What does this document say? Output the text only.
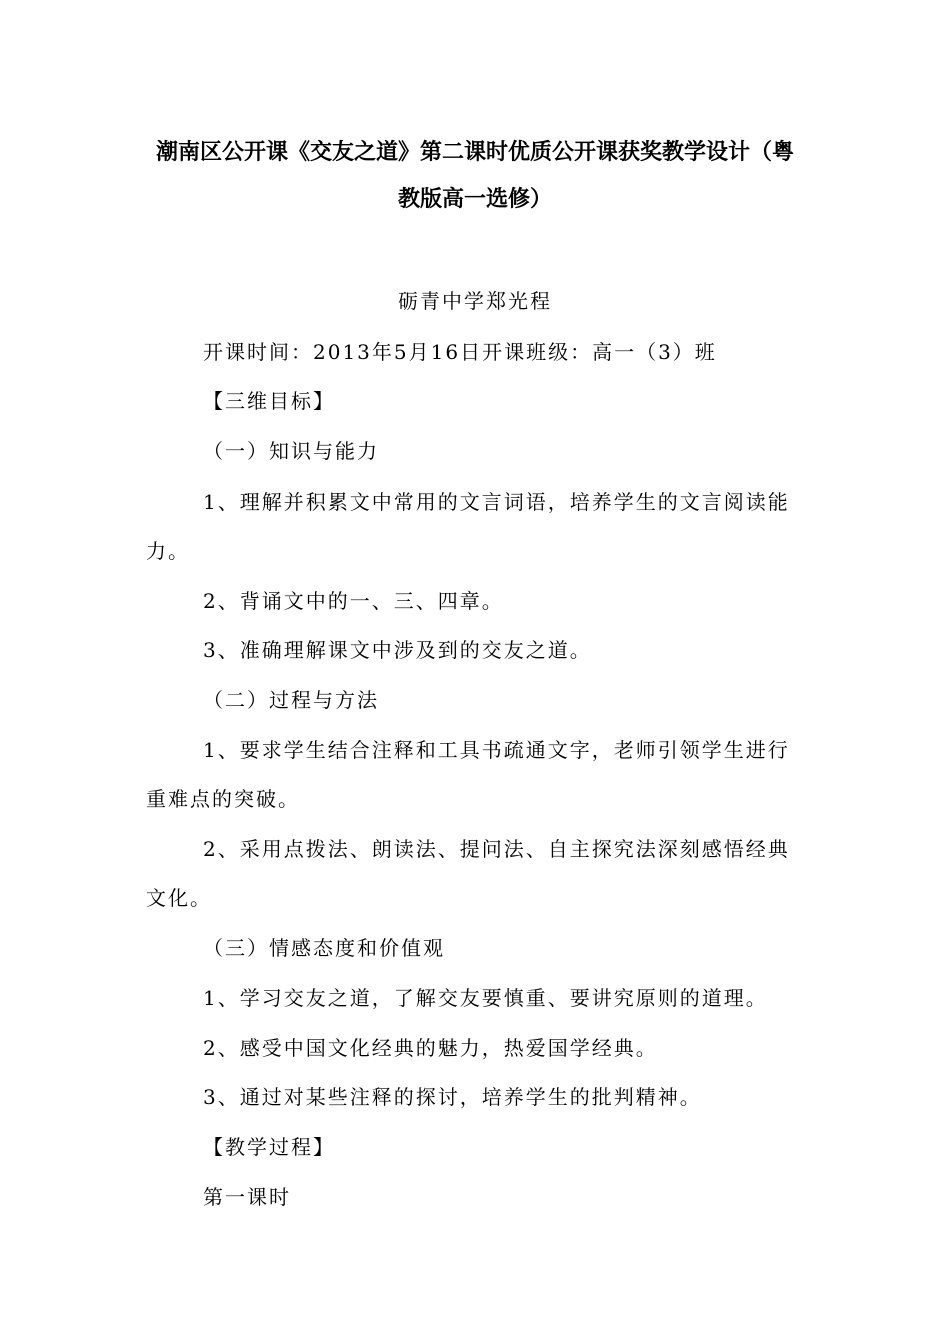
潮南区公开课《交友之道》第二课时优质公开课获奖教学设计（粤
教版高一选修）
砺青中学郑光程
开课时间：2013年5月16日开课班级：高一（3）班
【三维目标】
（一）知识与能力
1、理解并积累文中常用的文言词语，培养学生的文言阅读能
力。
2、背诵文中的一、三、四章。
3、准确理解课文中涉及到的交友之道。
（二）过程与方法
1、要求学生结合注释和工具书疏通文字，老师引领学生进行
重难点的突破。
2、采用点拨法、朗读法、提问法、自主探究法深刻感悟经典
文化。
（三）情感态度和价值观
1、学习交友之道，了解交友要慎重、要讲究原则的道理。
2、感受中国文化经典的魅力，热爱国学经典。
3、通过对某些注释的探讨，培养学生的批判精神。
【教学过程】
第一课时
